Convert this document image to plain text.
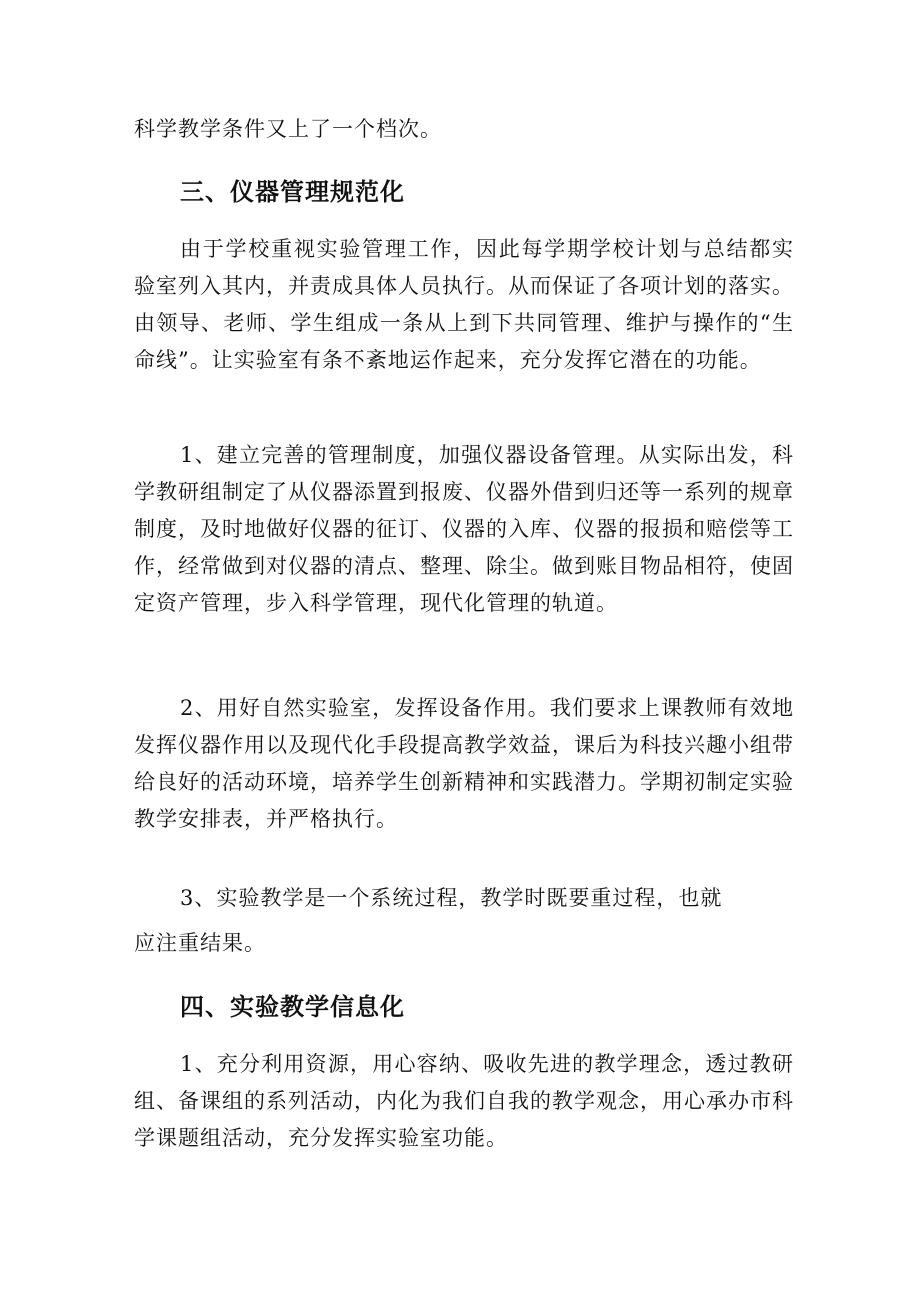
科学教学条件又上了一个档次。

三、仪器管理规范化

由于学校重视实验管理工作，因此每学期学校计划与总结都实验室列入其内，并责成具体人员执行。从而保证了各项计划的落实。由领导、老师、学生组成一条从上到下共同管理、维护与操作的“生命线”。让实验室有条不紊地运作起来，充分发挥它潜在的功能。

1、建立完善的管理制度，加强仪器设备管理。从实际出发，科学教研组制定了从仪器添置到报废、仪器外借到归还等一系列的规章制度，及时地做好仪器的征订、仪器的入库、仪器的报损和赔偿等工作，经常做到对仪器的清点、整理、除尘。做到账目物品相符，使固定资产管理，步入科学管理，现代化管理的轨道。

2、用好自然实验室，发挥设备作用。我们要求上课教师有效地发挥仪器作用以及现代化手段提高教学效益，课后为科技兴趣小组带给良好的活动环境，培养学生创新精神和实践潜力。学期初制定实验教学安排表，并严格执行。

3、实验教学是一个系统过程，教学时既要重过程，也就

应注重结果。

四、实验教学信息化

1、充分利用资源，用心容纳、吸收先进的教学理念，透过教研组、备课组的系列活动，内化为我们自我的教学观念，用心承办市科学课题组活动，充分发挥实验室功能。
